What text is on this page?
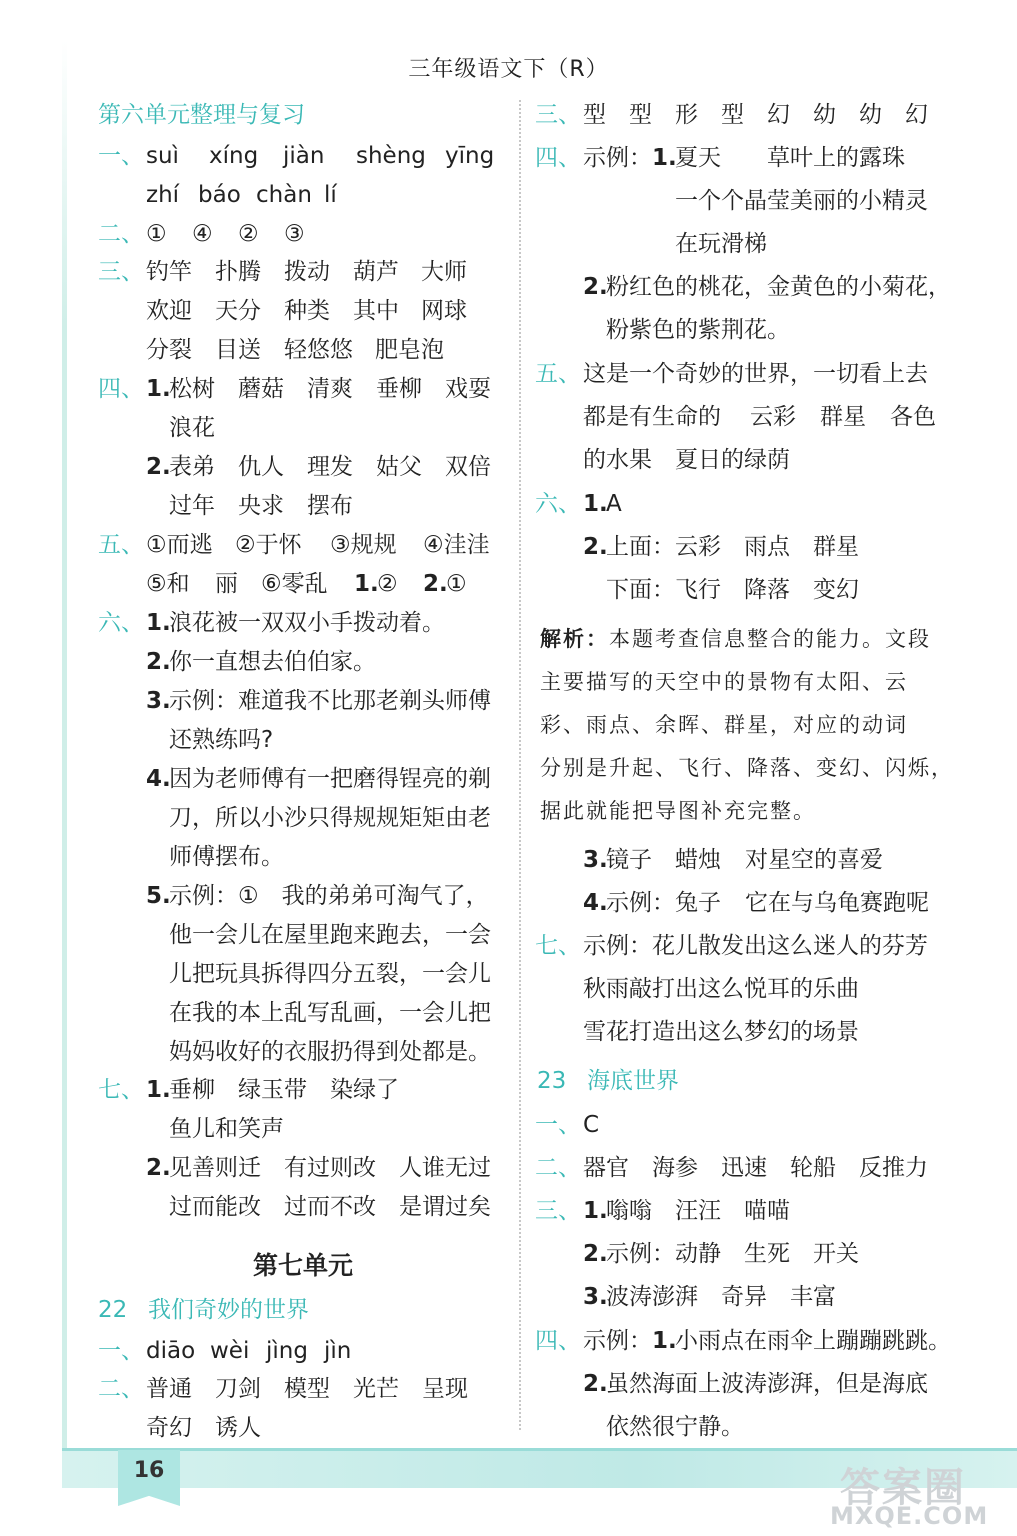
三年级语文下（R）
第六单元整理与复习
一、 suì xíng jiàn shèng yīng
zhí báo chàn lí
二、 ① ④ ② ③
三、 钓竿 扑腾 拨动 葫芦 大师
欢迎 天分 种类 其中 网球
分裂 目送 轻悠悠 肥皂泡
四、 1.
松树 蘑菇 清爽 垂柳 戏耍
浪花
2.
表弟 仇人 理发 姑父 双倍
过年 央求 摆布
五、 ①而逃 ②于怀 ③规规 ④洼洼
⑤和 丽 ⑥零乱 1.
② 2.
①
六、 1.
浪花被一双双小手拨动着。
2.
你一直想去伯伯家。
3.
示例：难道我不比那老剃头师傅
还熟练吗?
4.
因为老师傅有一把磨得锃亮的剃
刀，所以小沙只得规规矩矩由老
师傅摆布。
5.
示例：①　我的弟弟可淘气了，
他一会儿在屋里跑来跑去，一会
儿把玩具拆得四分五裂，一会儿
在我的本上乱写乱画，一会儿把
妈妈收好的衣服扔得到处都是。
七、 1.
垂柳 绿玉带 染绿了
鱼儿和笑声
2.
见善则迁 有过则改 人谁无过
过而能改 过而不改 是谓过矣
第七单元
22 我们奇妙的世界
一、 diāo wèi jìng jìn
二、 普通 刀剑 模型 光芒 呈现
奇幻 诱人
三、 型 型 形 型 幻 幼 幼 幻
四、 示例： 1.
夏天 草叶上的露珠
一个个晶莹美丽的小精灵
在玩滑梯
2.
粉红色的桃花，金黄色的小菊花，
粉紫色的紫荆花。
五、 这是一个奇妙的世界，一切看上去
都是有生命的 云彩 群星 各色
的水果 夏日的绿荫
六、 1.
A
2.
上面： 云彩 雨点 群星
下面： 飞行 降落 变幻
解析：本题考查信息整合的能力。文段
主要描写的天空中的景物有太阳、云
彩、雨点、余晖、群星，对应的动词
分别是升起、飞行、降落、变幻、闪烁，
据此就能把导图补充完整。
3.
镜子 蜡烛 对星空的喜爱
4.
示例：兔子 它在与乌龟赛跑呢
七、 示例：花儿散发出这么迷人的芬芳
秋雨敲打出这么悦耳的乐曲
雪花打造出这么梦幻的场景
23 海底世界
一、 C
二、 器官 海参 迅速 轮船 反推力
三、 1.
嗡嗡 汪汪 喵喵
2.
示例：动静 生死 开关
3.
波涛澎湃 奇异 丰富
四、 示例： 1.
小雨点在雨伞上蹦蹦跳跳。
2.
虽然海面上波涛澎湃，但是海底
依然很宁静。
16	答案圈
MXQE.COM
